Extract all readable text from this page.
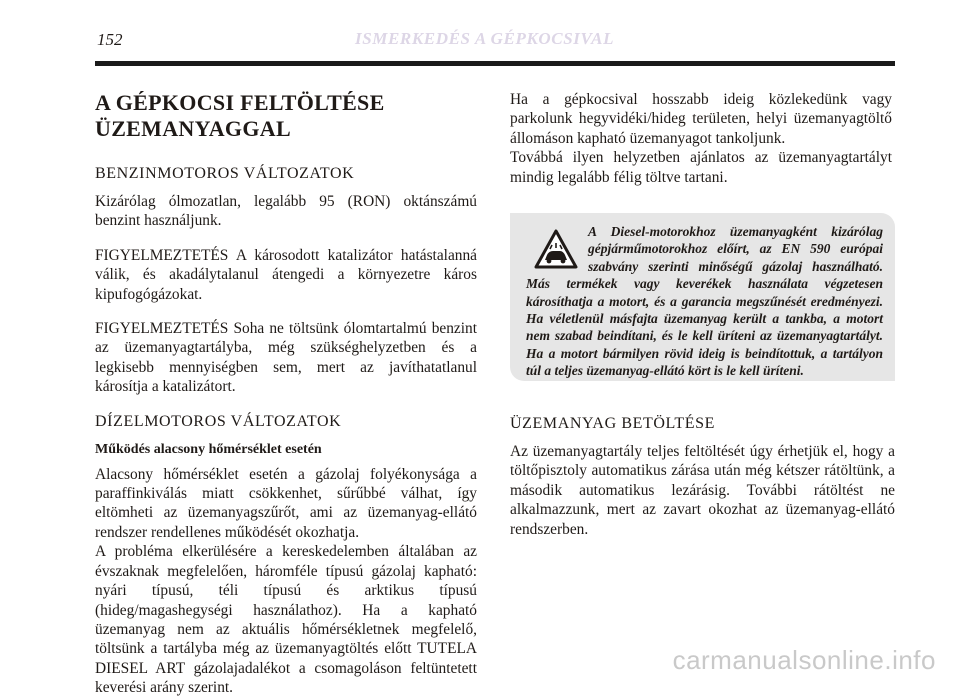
152	ISMERKEDÉS A GÉPKOCSIVAL
A GÉPKOCSI FELTÖLTÉSE
ÜZEMANYAGGAL
BENZINMOTOROS VÁLTOZATOK

Kizárólag ólmozatlan, legalább 95 (RON) oktánszámú benzint használjunk.

FIGYELMEZTETÉS A károsodott katalizátor hatástalanná válik, és akadálytalanul átengedi a környezetre káros kipufogógázokat.

FIGYELMEZTETÉS Soha ne töltsünk ólomtartalmú benzint az üzemanyagtartályba, még szükséghelyzetben és a legkisebb mennyiségben sem, mert az javíthatatlanul károsítja a katalizátort.

DÍZELMOTOROS VÁLTOZATOK
Működés alacsony hőmérséklet esetén

Alacsony hőmérséklet esetén a gázolaj folyékonysága a paraffinkiválás miatt csökkenhet, sűrűbbé válhat, így eltömheti az üzemanyagszűrőt, ami az üzemanyag-ellátó rendszer rendellenes működését okozhatja.

A probléma elkerülésére a kereskedelemben általában az évszaknak megfelelően, háromféle típusú gázolaj kapható: nyári típusú, téli típusú és arktikus típusú (hideg/magashegységi használathoz). Ha a kapható üzemanyag nem az aktuális hőmérsékletnek megfelelő, töltsünk a tartályba még az üzemanyagtöltés előtt TUTELA DIESEL ART gázolajadalékot a csomagoláson feltüntetett keverési arány szerint.

Ha a gépkocsival hosszabb ideig közlekedünk vagy parkolunk hegyvidéki/hideg területen, helyi üzemanyagtöltő állomáson kapható üzemanyagot tankoljunk.

Továbbá ilyen helyzetben ajánlatos az üzemanyagtartályt mindig legalább félig töltve tartani.

A Diesel-motorokhoz üzemanyagként kizárólag gépjárműmotorokhoz előírt, az EN 590 európai szabvány szerinti minőségű gázolaj használható. Más termékek vagy keverékek használata végzetesen károsíthatja a motort, és a garancia megszűnését eredményezi. Ha véletlenül másfajta üzemanyag került a tankba, a motort nem szabad beindítani, és le kell üríteni az üzemanyagtartályt. Ha a motort bármilyen rövid ideig is beindítottuk, a tartályon túl a teljes üzemanyag-ellátó kört is le kell üríteni.
ÜZEMANYAG BETÖLTÉSE

Az üzemanyagtartály teljes feltöltését úgy érhetjük el, hogy a töltőpisztoly automatikus zárása után még kétszer rátöltünk, a második automatikus lezárásig. További rátöltést ne alkalmazzunk, mert az zavart okozhat az üzemanyag-ellátó rendszerben.

carmanualsonline.info
